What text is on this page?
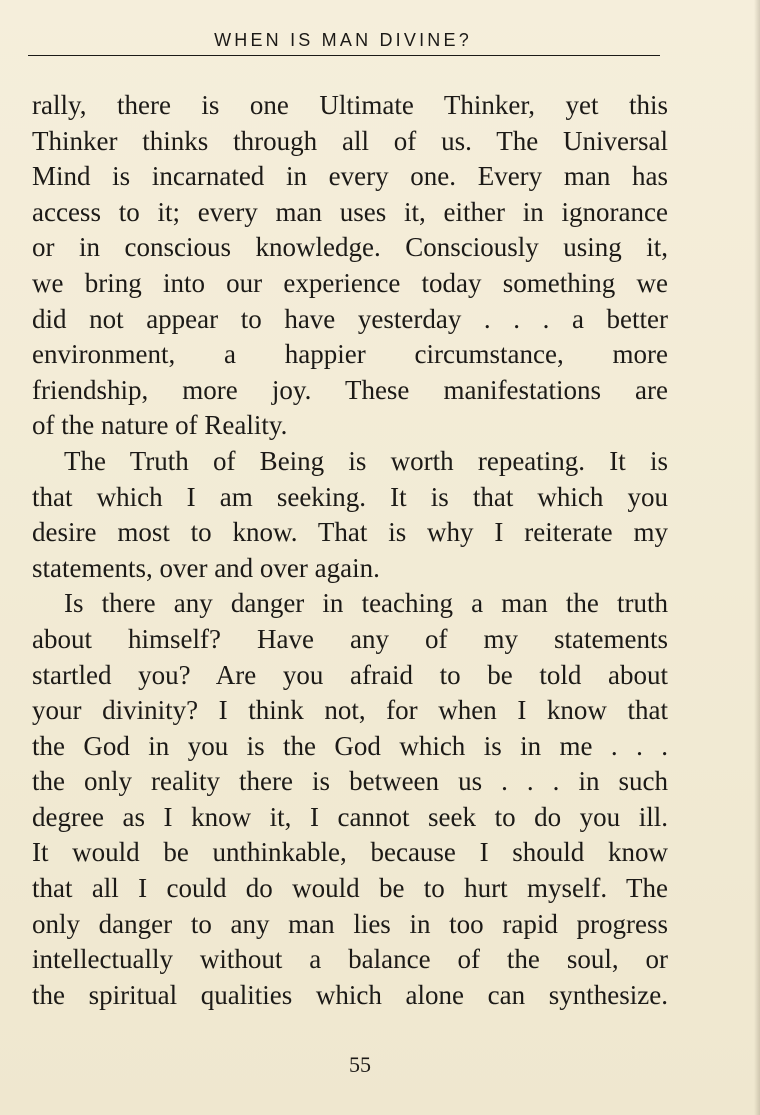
WHEN IS MAN DIVINE?
rally, there is one Ultimate Thinker, yet this
Thinker thinks through all of us. The Universal
Mind is incarnated in every one. Every man has
access to it; every man uses it, either in ignorance
or in conscious knowledge. Consciously using it,
we bring into our experience today something we
did not appear to have yesterday . . . a better
environment, a happier circumstance, more
friendship, more joy. These manifestations are
of the nature of Reality.
The Truth of Being is worth repeating. It is
that which I am seeking. It is that which you
desire most to know. That is why I reiterate my
statements, over and over again.
Is there any danger in teaching a man the truth
about himself? Have any of my statements
startled you? Are you afraid to be told about
your divinity? I think not, for when I know that
the God in you is the God which is in me . . .
the only reality there is between us . . . in such
degree as I know it, I cannot seek to do you ill.
It would be unthinkable, because I should know
that all I could do would be to hurt myself. The
only danger to any man lies in too rapid progress
intellectually without a balance of the soul, or
the spiritual qualities which alone can synthesize.
55
